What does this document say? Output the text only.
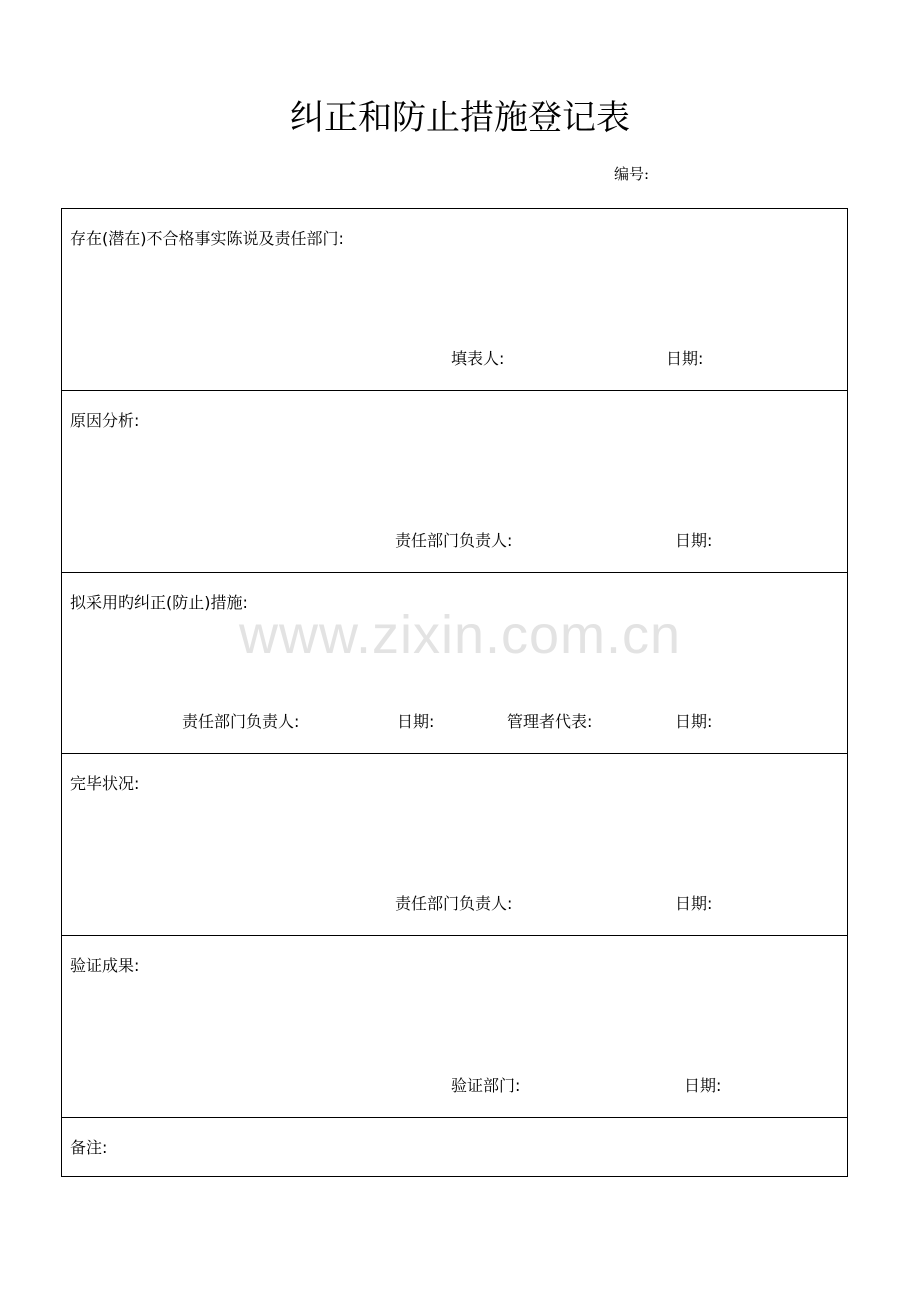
纠正和防止措施登记表
编号:
存在(潜在)不合格事实陈说及责任部门:
填表人:	日期:
原因分析:
责任部门负责人:	日期:
拟采用旳纠正(防止)措施:
责任部门负责人:	日期:	管理者代表:	日期:
完毕状况:
责任部门负责人:	日期:
验证成果:
验证部门:	日期:
备注:
www.zixin.com.cn
